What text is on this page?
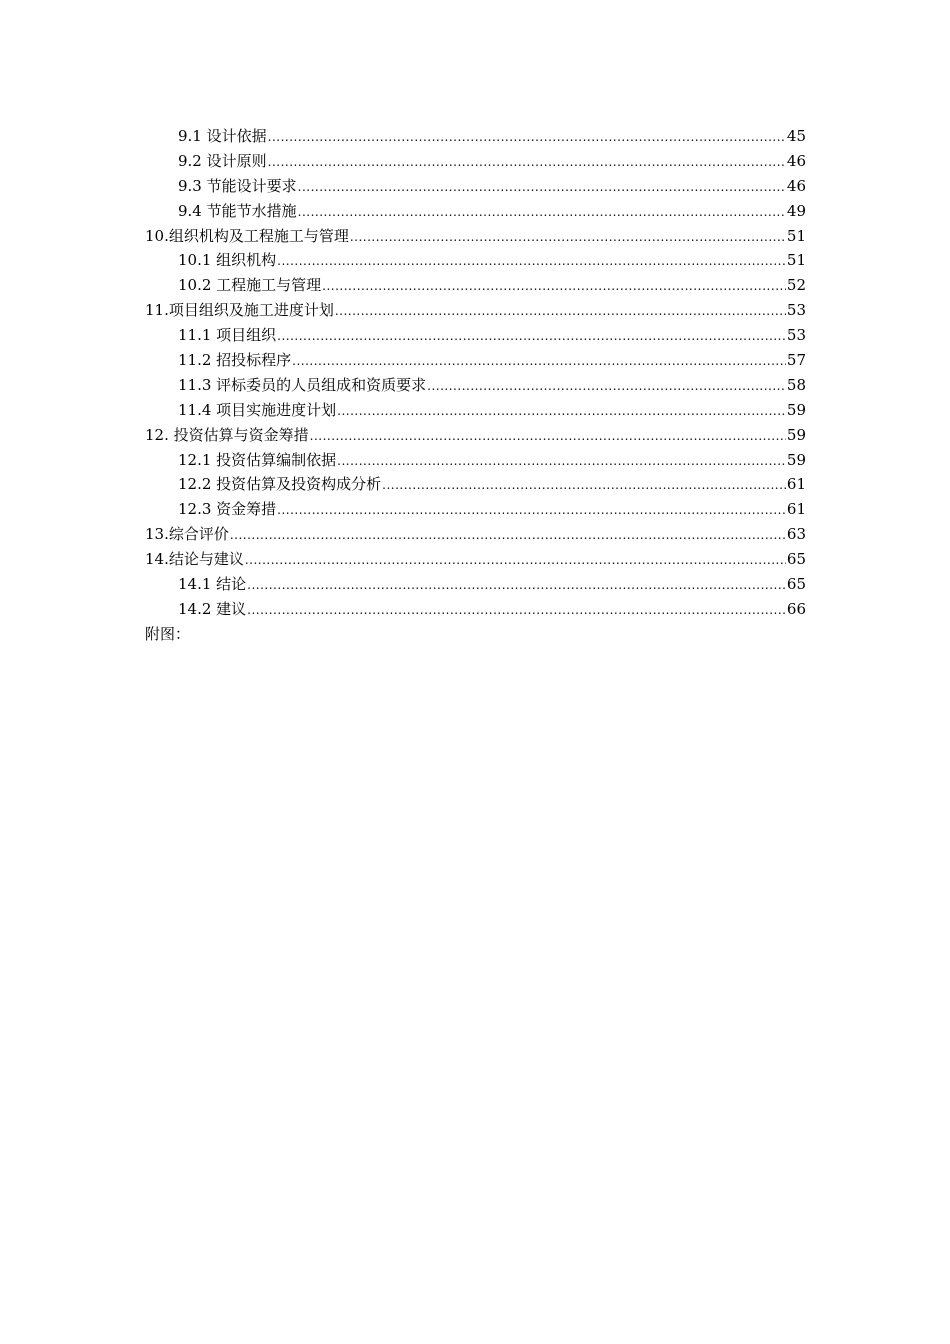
9.1 设计依据 .....	45
9.2 设计原则 .....	46
9.3 节能设计要求 .....	46
9.4 节能节水措施 .....	49
10.组织机构及工程施工与管理 .....	51
10.1 组织机构 .....	51
10.2 工程施工与管理 .....	52
11.项目组织及施工进度计划 .....	53
11.1 项目组织 .....	53
11.2 招投标程序 .....	57
11.3 评标委员的人员组成和资质要求 .....	58
11.4 项目实施进度计划 .....	59
12. 投资估算与资金筹措 .....	59
12.1 投资估算编制依据 .....	59
12.2 投资估算及投资构成分析 .....	61
12.3 资金筹措 .....	61
13.综合评价 .....	63
14.结论与建议 .....	65
14.1 结论 .....	65
14.2 建议 .....	66
附图：
